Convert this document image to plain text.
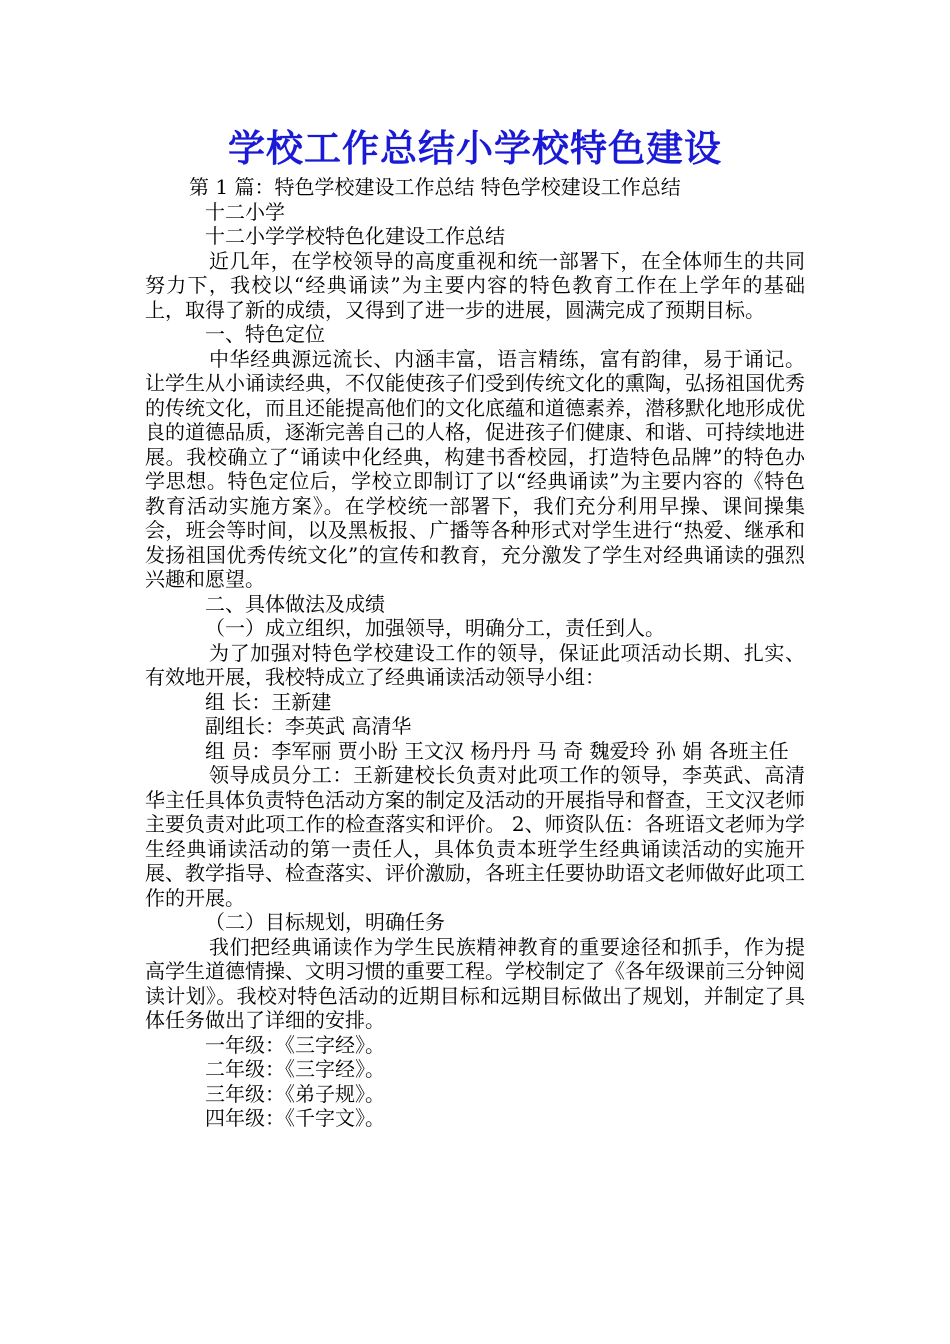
学校工作总结小学校特色建设

第 1 篇：特色学校建设工作总结 特色学校建设工作总结

十二小学

十二小学学校特色化建设工作总结

近几年，在学校领导的高度重视和统一部署下，在全体师生的共同努力下，我校以“经典诵读”为主要内容的特色教育工作在上学年的基础上，取得了新的成绩，又得到了进一步的进展，圆满完成了预期目标。

一、特色定位

中华经典源远流长、内涵丰富，语言精练，富有韵律，易于诵记。让学生从小诵读经典，不仅能使孩子们受到传统文化的熏陶，弘扬祖国优秀的传统文化，而且还能提高他们的文化底蕴和道德素养，潜移默化地形成优良的道德品质，逐渐完善自己的人格，促进孩子们健康、和谐、可持续地进展。我校确立了“诵读中化经典，构建书香校园，打造特色品牌”的特色办学思想。特色定位后，学校立即制订了以“经典诵读”为主要内容的《特色教育活动实施方案》。在学校统一部署下，我们充分利用早操、课间操集会，班会等时间，以及黑板报、广播等各种形式对学生进行“热爱、继承和发扬祖国优秀传统文化”的宣传和教育，充分激发了学生对经典诵读的强烈兴趣和愿望。

二、具体做法及成绩

（一）成立组织，加强领导，明确分工，责任到人。

为了加强对特色学校建设工作的领导，保证此项活动长期、扎实、有效地开展，我校特成立了经典诵读活动领导小组：

组 长：王新建

副组长：李英武 高清华

组 员：李军丽 贾小盼 王文汉 杨丹丹 马 奇 魏爱玲 孙 娟 各班主任

领导成员分工：王新建校长负责对此项工作的领导，李英武、高清华主任具体负责特色活动方案的制定及活动的开展指导和督查，王文汉老师主要负责对此项工作的检查落实和评价。 2、师资队伍：各班语文老师为学生经典诵读活动的第一责任人，具体负责本班学生经典诵读活动的实施开展、教学指导、检查落实、评价激励，各班主任要协助语文老师做好此项工作的开展。

（二）目标规划，明确任务

我们把经典诵读作为学生民族精神教育的重要途径和抓手，作为提高学生道德情操、文明习惯的重要工程。学校制定了《各年级课前三分钟阅读计划》。我校对特色活动的近期目标和远期目标做出了规划，并制定了具体任务做出了详细的安排。

一年级：《三字经》。

二年级：《三字经》。

三年级：《弟子规》。

四年级：《千字文》。
